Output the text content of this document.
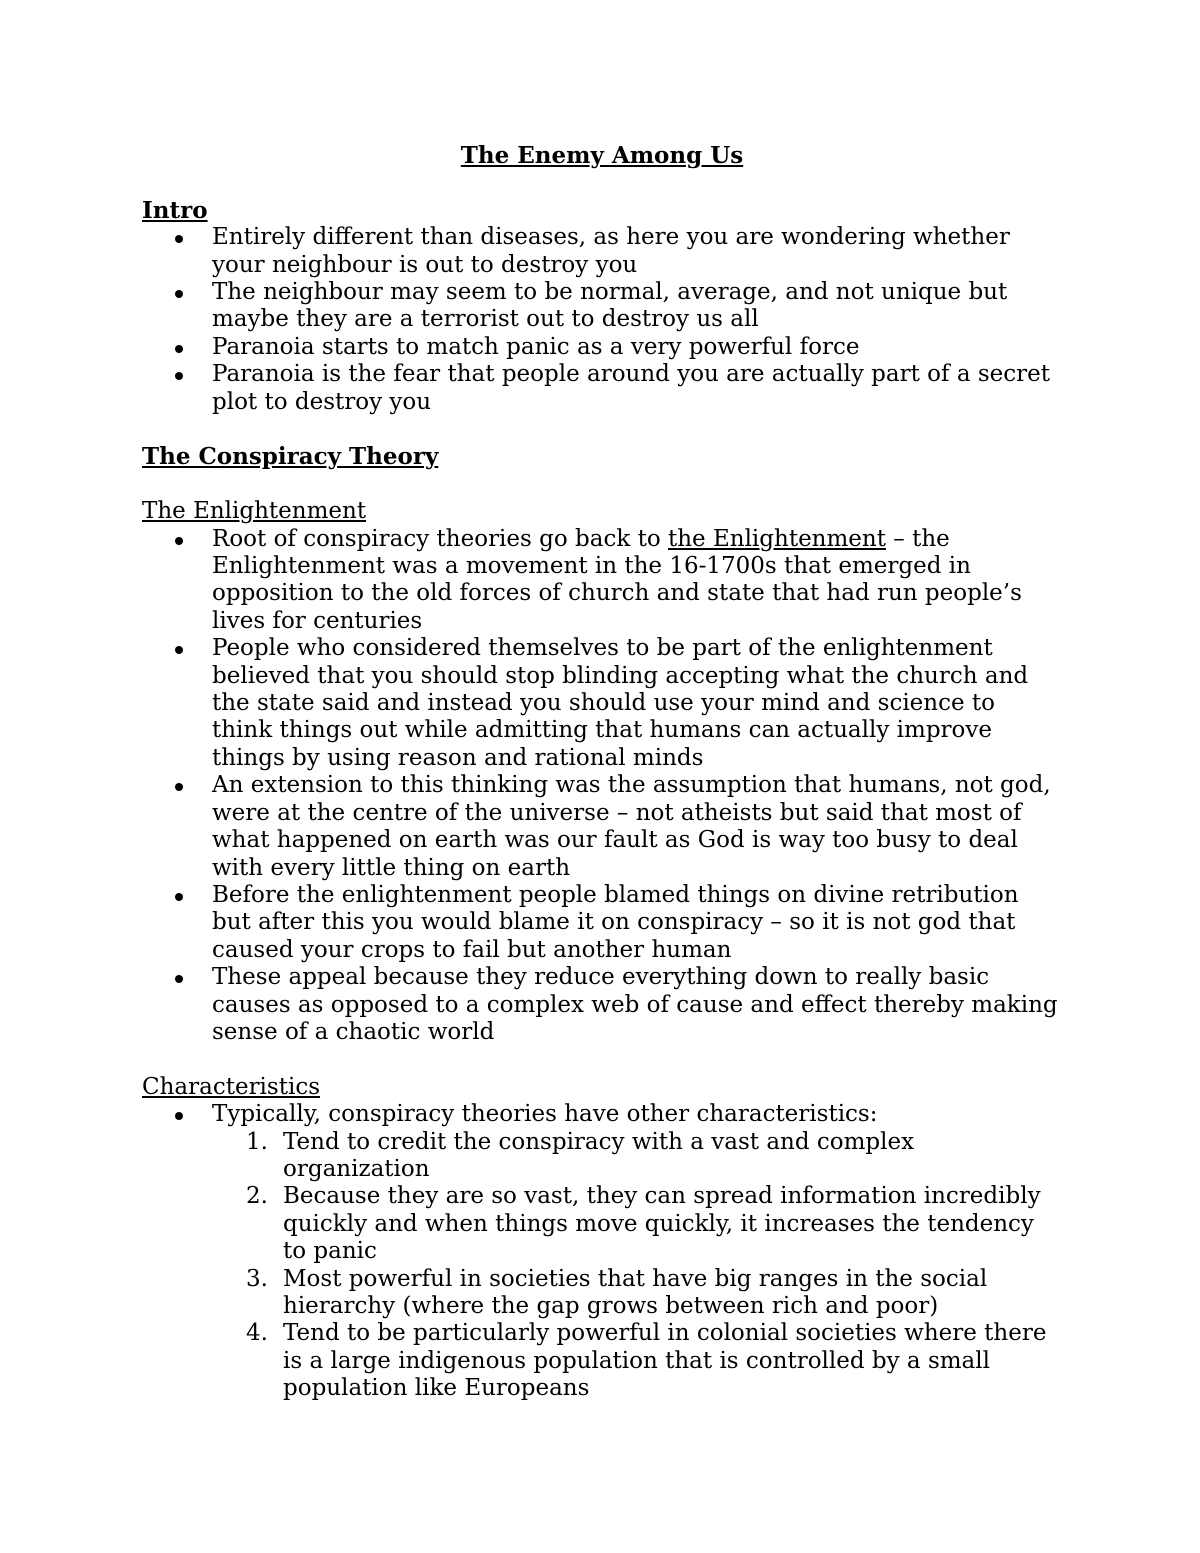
The Enemy Among Us
Intro
Entirely different than diseases, as here you are wondering whether your neighbour is out to destroy you
The neighbour may seem to be normal, average, and not unique but maybe they are a terrorist out to destroy us all
Paranoia starts to match panic as a very powerful force
Paranoia is the fear that people around you are actually part of a secret plot to destroy you
The Conspiracy Theory
The Enlightenment
Root of conspiracy theories go back to the Enlightenment – the Enlightenment was a movement in the 16-1700s that emerged in opposition to the old forces of church and state that had run people’s lives for centuries
People who considered themselves to be part of the enlightenment believed that you should stop blinding accepting what the church and the state said and instead you should use your mind and science to think things out while admitting that humans can actually improve things by using reason and rational minds
An extension to this thinking was the assumption that humans, not god, were at the centre of the universe – not atheists but said that most of what happened on earth was our fault as God is way too busy to deal with every little thing on earth
Before the enlightenment people blamed things on divine retribution but after this you would blame it on conspiracy – so it is not god that caused your crops to fail but another human
These appeal because they reduce everything down to really basic causes as opposed to a complex web of cause and effect thereby making sense of a chaotic world
Characteristics
Typically, conspiracy theories have other characteristics:
1. Tend to credit the conspiracy with a vast and complex organization
2. Because they are so vast, they can spread information incredibly quickly and when things move quickly, it increases the tendency to panic
3. Most powerful in societies that have big ranges in the social hierarchy (where the gap grows between rich and poor)
4. Tend to be particularly powerful in colonial societies where there is a large indigenous population that is controlled by a small population like Europeans
